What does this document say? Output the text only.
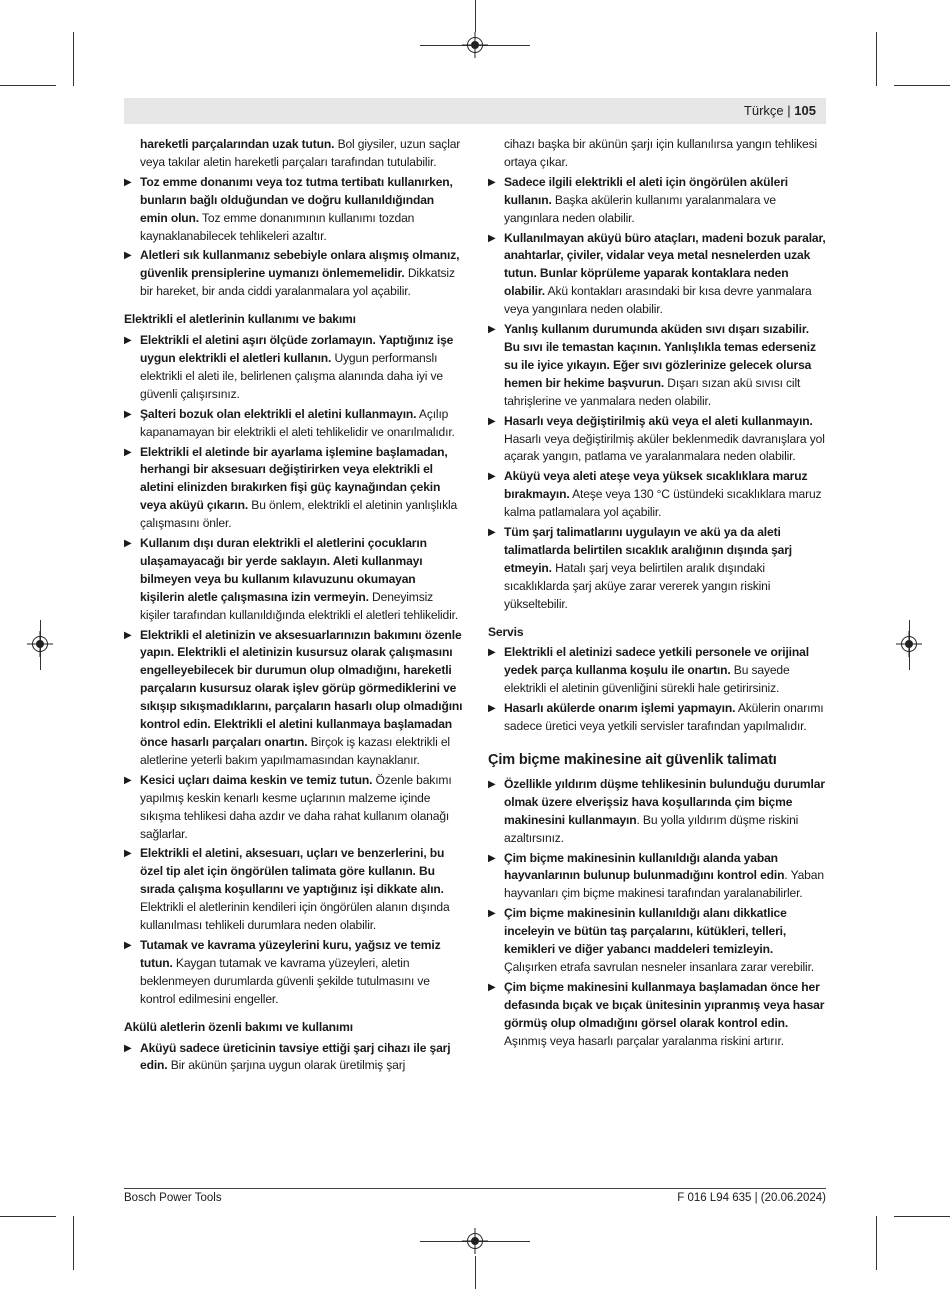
Türkçe | 105
hareketli parçalarından uzak tutun. Bol giysiler, uzun saçlar veya takılar aletin hareketli parçaları tarafından tutulabilir.
▶ Toz emme donanımı veya toz tutma tertibatı kullanırken, bunların bağlı olduğundan ve doğru kullanıldığından emin olun. Toz emme donanımının kullanımı tozdan kaynaklanabilecek tehlikeleri azaltır.
▶ Aletleri sık kullanmanız sebebiyle onlara alışmış olmanız, güvenlik prensiplerine uymanızı önlememelidir. Dikkatsiz bir hareket, bir anda ciddi yaralanmalara yol açabilir.
Elektrikli el aletlerinin kullanımı ve bakımı
▶ Elektrikli el aletini aşırı ölçüde zorlamayın. Yaptığınız işe uygun elektrikli el aletleri kullanın. Uygun performanslı elektrikli el aleti ile, belirlenen çalışma alanında daha iyi ve güvenli çalışırsınız.
▶ Şalteri bozuk olan elektrikli el aletini kullanmayın. Açılıp kapanamayan bir elektrikli el aleti tehlikelidir ve onarılmalıdır.
▶ Elektrikli el aletinde bir ayarlama işlemine başlamadan, herhangi bir aksesuarı değiştirirken veya elektrikli el aletini elinizden bırakırken fişi güç kaynağından çekin veya aküyü çıkarın. Bu önlem, elektrikli el aletinin yanlışlıkla çalışmasını önler.
▶ Kullanım dışı duran elektrikli el aletlerini çocukların ulaşamayacağı bir yerde saklayın. Aleti kullanmayı bilmeyen veya bu kullanım kılavuzunu okumayan kişilerin aletle çalışmasına izin vermeyin. Deneyimsiz kişiler tarafından kullanıldığında elektrikli el aletleri tehlikelidir.
▶ Elektrikli el aletinizin ve aksesuarlarınızın bakımını özenle yapın. Elektrikli el aletinizin kusursuz olarak çalışmasını engelleyebilecek bir durumun olup olmadığını, hareketli parçaların kusursuz olarak işlev görüp görmediklerini ve sıkışıp sıkışmadıklarını, parçaların hasarlı olup olmadığını kontrol edin. Elektrikli el aletini kullanmaya başlamadan önce hasarlı parçaları onartın. Birçok iş kazası elektrikli el aletlerine yeterli bakım yapılmamasından kaynaklanır.
▶ Kesici uçları daima keskin ve temiz tutun. Özenle bakımı yapılmış keskin kenarlı kesme uçlarının malzeme içinde sıkışma tehlikesi daha azdır ve daha rahat kullanım olanağı sağlarlar.
▶ Elektrikli el aletini, aksesuarı, uçları ve benzerlerini, bu özel tip alet için öngörülen talimata göre kullanın. Bu sırada çalışma koşullarını ve yaptığınız işi dikkate alın. Elektrikli el aletlerinin kendileri için öngörülen alanın dışında kullanılması tehlikeli durumlara neden olabilir.
▶ Tutamak ve kavrama yüzeylerini kuru, yağsız ve temiz tutun. Kaygan tutamak ve kavrama yüzeyleri, aletin beklenmeyen durumlarda güvenli şekilde tutulmasını ve kontrol edilmesini engeller.
Akülü aletlerin özenli bakımı ve kullanımı
▶ Aküyü sadece üreticinin tavsiye ettiği şarj cihazı ile şarj edin. Bir akünün şarjına uygun olarak üretilmiş şarj
cihazı başka bir akünün şarjı için kullanılırsa yangın tehlikesi ortaya çıkar.
▶ Sadece ilgili elektrikli el aleti için öngörülen aküleri kullanın. Başka akülerin kullanımı yaralanmalara ve yangınlara neden olabilir.
▶ Kullanılmayan aküyü büro ataçları, madeni bozuk paralar, anahtarlar, çiviler, vidalar veya metal nesnelerden uzak tutun. Bunlar köprüleme yaparak kontaklara neden olabilir. Akü kontakları arasındaki bir kısa devre yanmalara veya yangınlara neden olabilir.
▶ Yanlış kullanım durumunda aküden sıvı dışarı sızabilir. Bu sıvı ile temastan kaçının. Yanlışlıkla temas ederseniz su ile iyice yıkayın. Eğer sıvı gözlerinize gelecek olursa hemen bir hekime başvurun. Dışarı sızan akü sıvısı cilt tahrişlerine ve yanmalara neden olabilir.
▶ Hasarlı veya değiştirilmiş akü veya el aleti kullanmayın. Hasarlı veya değiştirilmiş aküler beklenmedik davranışlara yol açarak yangın, patlama ve yaralanmalara neden olabilir.
▶ Aküyü veya aleti ateşe veya yüksek sıcaklıklara maruz bırakmayın. Ateşe veya 130 °C üstündeki sıcaklıklara maruz kalma patlamalara yol açabilir.
▶ Tüm şarj talimatlarını uygulayın ve akü ya da aleti talimatlarda belirtilen sıcaklık aralığının dışında şarj etmeyin. Hatalı şarj veya belirtilen aralık dışındaki sıcaklıklarda şarj aküye zarar vererek yangın riskini yükseltebilir.
Servis
▶ Elektrikli el aletinizi sadece yetkili personele ve orijinal yedek parça kullanma koşulu ile onartın. Bu sayede elektrikli el aletinin güvenliğini sürekli hale getirirsiniz.
▶ Hasarlı akülerde onarım işlemi yapmayın. Akülerin onarımı sadece üretici veya yetkili servisler tarafından yapılmalıdır.
Çim biçme makinesine ait güvenlik talimatı
▶ Özellikle yıldırım düşme tehlikesinin bulunduğu durumlar olmak üzere elverişsiz hava koşullarında çim biçme makinesini kullanmayın. Bu yolla yıldırım düşme riskini azaltırsınız.
▶ Çim biçme makinesinin kullanıldığı alanda yaban hayvanlarının bulunup bulunmadığını kontrol edin. Yaban hayvanları çim biçme makinesi tarafından yaralanabilirler.
▶ Çim biçme makinesinin kullanıldığı alanı dikkatlice inceleyin ve bütün taş parçalarını, kütükleri, telleri, kemikleri ve diğer yabancı maddeleri temizleyin. Çalışırken etrafa savrulan nesneler insanlara zarar verebilir.
▶ Çim biçme makinesini kullanmaya başlamadan önce her defasında bıçak ve bıçak ünitesinin yıpranmış veya hasar görmüş olup olmadığını görsel olarak kontrol edin. Aşınmış veya hasarlı parçalar yaralanma riskini artırır.
Bosch Power Tools	F 016 L94 635 | (20.06.2024)
